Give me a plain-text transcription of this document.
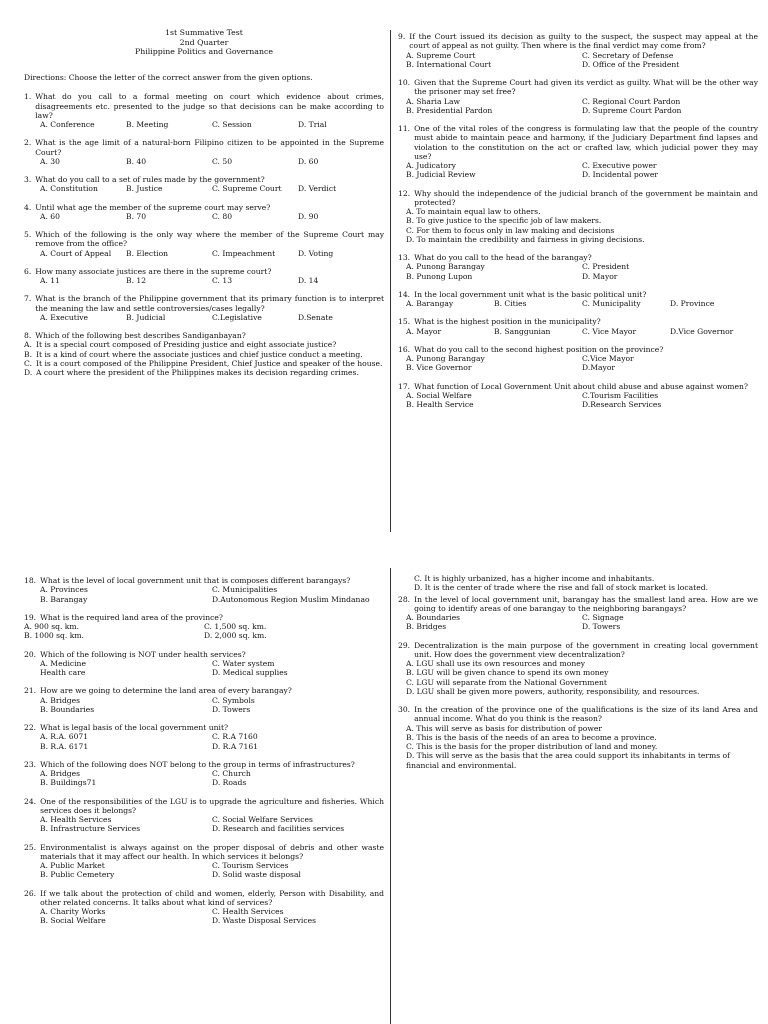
1st Summative Test
2nd Quarter
Philippine Politics and Governance
Directions: Choose the letter of the correct answer from the given options.
1. What do you call to a formal meeting on court which evidence about crimes, disagreements etc. presented to the judge so that decisions can be make according to law?
A. Conference	B. Meeting	C. Session	D. Trial
2. What is the age limit of a natural-born Filipino citizen to be appointed in the Supreme Court?
A. 30	B. 40	C. 50	D. 60
3. What do you call to a set of rules made by the government?
A. Constitution	B. Justice	C. Supreme Court	D. Verdict
4. Until what age the member of the supreme court may serve?
A. 60	B. 70	C. 80	D. 90
5. Which of the following is the only way where the member of the Supreme Court may remove from the office?
A. Court of Appeal	B. Election	C. Impeachment	D. Voting
6. How many associate justices are there in the supreme court?
A. 11	B. 12	C. 13	D. 14
7. What is the branch of the Philippine government that its primary function is to interpret the meaning the law and settle controversies/cases legally?
A. Executive	B. Judicial	C.Legislative	D.Senate
8. Which of the following best describes Sandiganbayan?
A. It is a special court composed of Presiding justice and eight associate justice?
B. It is a kind of court where the associate justices and chief justice conduct a meeting.
C. It is a court composed of the Philippine President, Chief Justice and speaker of the house.
D. A court where the president of the Philippines makes its decision regarding crimes.
9. If the Court issued its decision as guilty to the suspect, the suspect may appeal at the court of appeal as not guilty. Then where is the final verdict may come from?
A. Supreme Court	C. Secretary of Defense
B. International Court	D. Office of the President
10. Given that the Supreme Court had given its verdict as guilty. What will be the other way the prisoner may set free?
A. Sharia Law	C. Regional Court Pardon
B. Presidential Pardon	D. Supreme Court Pardon
11. One of the vital roles of the congress is formulating law that the people of the country must abide to maintain peace and harmony, if the Judiciary Department find lapses and violation to the constitution on the act or crafted law, which judicial power they may use?
A. Judicatory	C. Executive power
B. Judicial Review	D. Incidental power
12. Why should the independence of the judicial branch of the government be maintain and protected?
A. To maintain equal law to others.
B. To give justice to the specific job of law makers.
C. For them to focus only in law making and decisions
D. To maintain the credibility and fairness in giving decisions.
13. What do you call to the head of the barangay?
A. Punong Barangay	C. President
B. Punong Lupon	D. Mayor
14. In the local government unit what is the basic political unit?
A. Barangay	B. Cities	C. Municipality	D. Province
15. What is the highest position in the municipality?
A. Mayor	B. Sanggunian	C. Vice Mayor	D.Vice Governor
16. What do you call to the second highest position on the province?
A. Punong Barangay	C.Vice Mayor
B. Vice Governor	D.Mayor
17. What function of Local Government Unit about child abuse and abuse against women?
A. Social Welfare	C.Tourism Facilities
B. Health Service	D.Research Services
18. What is the level of local government unit that is composes different barangays?
A. Provinces	C. Municipalities
B. Barangay	D.Autonomous Region Muslim Mindanao
19. What is the required land area of the province?
A. 900 sq. km.	C. 1,500 sq. km.
B. 1000 sq. km.	D. 2,000 sq. km.
20. Which of the following is NOT under health services?
A. Medicine	C. Water system
Health care	D. Medical supplies
21. How are we going to determine the land area of every barangay?
A. Bridges	C. Symbols
B. Boundaries	D. Towers
22. What is legal basis of the local government unit?
A. R.A. 6071	C. R.A 7160
B. R.A. 6171	D. R.A 7161
23. Which of the following does NOT belong to the group in terms of infrastructures?
A. Bridges	C. Church
B. Buildings71	D. Roads
24. One of the responsibilities of the LGU is to upgrade the agriculture and fisheries. Which services does it belongs?
A. Health Services	C. Social Welfare Services
B. Infrastructure Services	D. Research and facilities services
25. Environmentalist is always against on the proper disposal of debris and other waste materials that it may affect our health. In which services it belongs?
A. Public Market	C. Tourism Services
B. Public Cemetery	D. Solid waste disposal
26. If we talk about the protection of child and women, elderly, Person with Disability, and other related concerns. It talks about what kind of services?
A. Charity Works	C. Health Services
B. Social Welfare	D. Waste Disposal Services
C. It is highly urbanized, has a higher income and inhabitants.
D. It is the center of trade where the rise and fall of stock market is located.
28. In the level of local government unit, barangay has the smallest land area. How are we going to identify areas of one barangay to the neighboring barangays?
A. Boundaries	C. Signage
B. Bridges	D. Towers
29. Decentralization is the main purpose of the government in creating local government unit. How does the government view decentralization?
A. LGU shall use its own resources and money
B. LGU will be given chance to spend its own money
C. LGU will separate from the National Government
D. LGU shall be given more powers, authority, responsibility, and resources.
30. In the creation of the province one of the qualifications is the size of its land Area and annual income. What do you think is the reason?
A. This will serve as basis for distribution of power
B. This is the basis of the needs of an area to become a province.
C. This is the basis for the proper distribution of land and money.
D. This will serve as the basis that the area could support its inhabitants in terms of financial and environmental.
